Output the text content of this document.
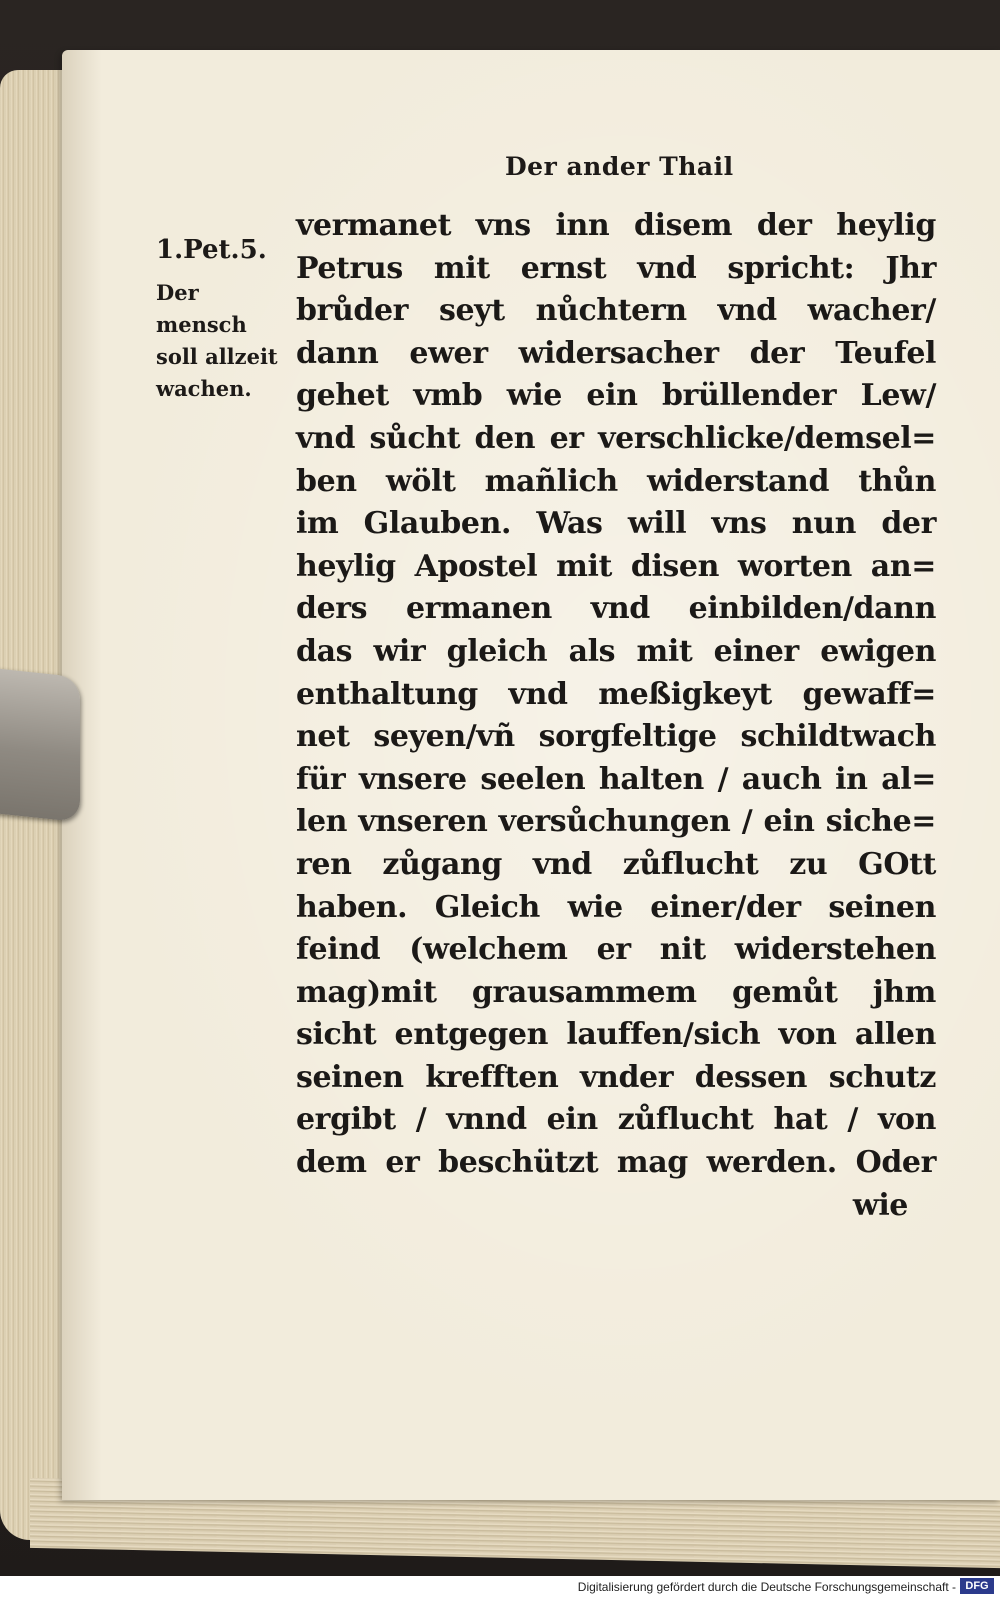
Der ander Thail
1.Pet.5.
Der
mensch
soll allzeit
wachen.
vermanet vns inn disem der heylig
Petrus mit ernst vnd spricht: Jhr
brůder seyt nůchtern vnd wacher/
dann ewer widersacher der Teufel
gehet vmb wie ein brüllender Lew/
vnd sůcht den er verschlicke/demsel=
ben wölt mañlich widerstand thůn
im Glauben. Was will vns nun der
heylig Apostel mit disen worten an=
ders ermanen vnd einbilden/dann
das wir gleich als mit einer ewigen
enthaltung vnd meßigkeyt gewaff=
net seyen/vñ sorgfeltige schildtwach
für vnsere seelen halten / auch in al=
len vnseren versůchungen / ein siche=
ren zůgang vnd zůflucht zu GOtt
haben. Gleich wie einer/der seinen
feind (welchem er nit widerstehen
mag)mit grausammem gemůt jhm
sicht entgegen lauffen/sich von allen
seinen krefften vnder dessen schutz
ergibt / vnnd ein zůflucht hat / von
dem er beschützt mag werden. Oder
wie
Digitalisierung gefördert durch die Deutsche Forschungsgemeinschaft - DFG
